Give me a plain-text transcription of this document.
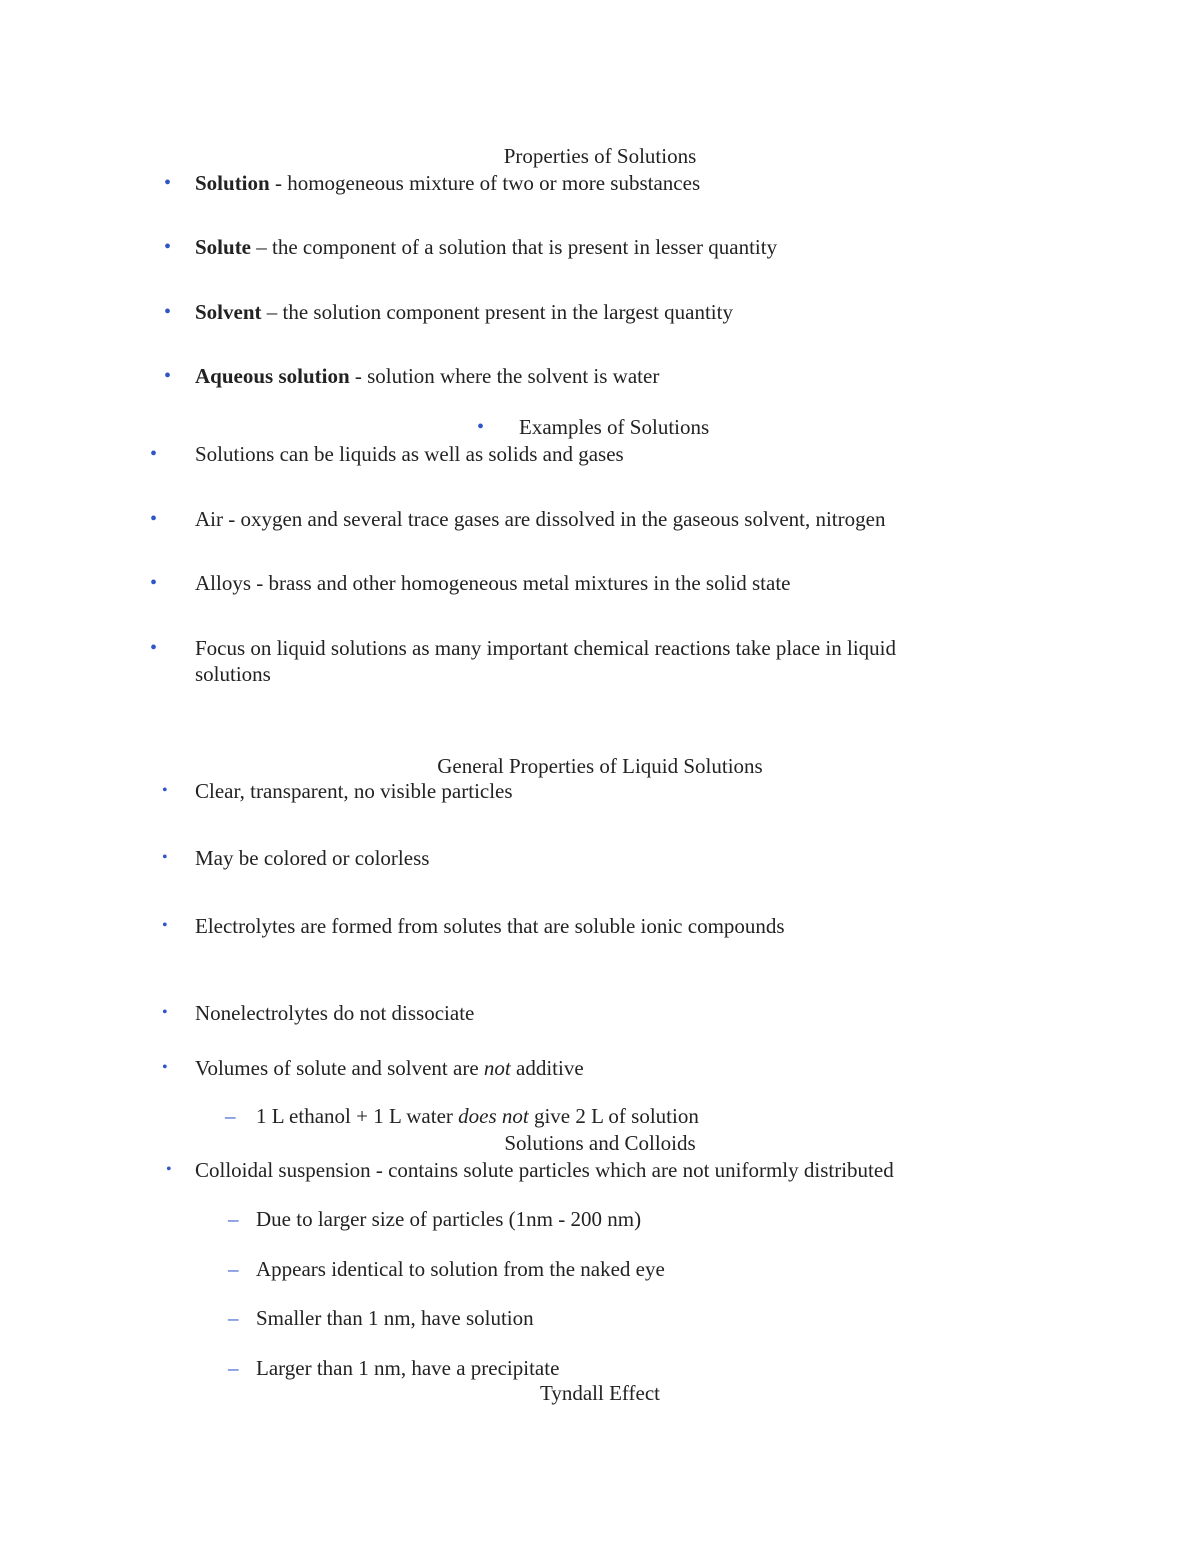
Properties of Solutions
• Solution - homogeneous mixture of two or more substances
• Solute – the component of a solution that is present in lesser quantity
• Solvent – the solution component present in the largest quantity
• Aqueous solution - solution where the solvent is water
• Examples of Solutions
• Solutions can be liquids as well as solids and gases
• Air - oxygen and several trace gases are dissolved in the gaseous solvent, nitrogen
• Alloys - brass and other homogeneous metal mixtures in the solid state
• Focus on liquid solutions as many important chemical reactions take place in liquid
solutions
General Properties of Liquid Solutions
• Clear, transparent, no visible particles
• May be colored or colorless
• Electrolytes are formed from solutes that are soluble ionic compounds
• Nonelectrolytes do not dissociate
• Volumes of solute and solvent are not additive
– 1 L ethanol + 1 L water does not give 2 L of solution
Solutions and Colloids
• Colloidal suspension - contains solute particles which are not uniformly distributed
– Due to larger size of particles (1nm - 200 nm)
– Appears identical to solution from the naked eye
– Smaller than 1 nm, have solution
– Larger than 1 nm, have a precipitate
Tyndall Effect
